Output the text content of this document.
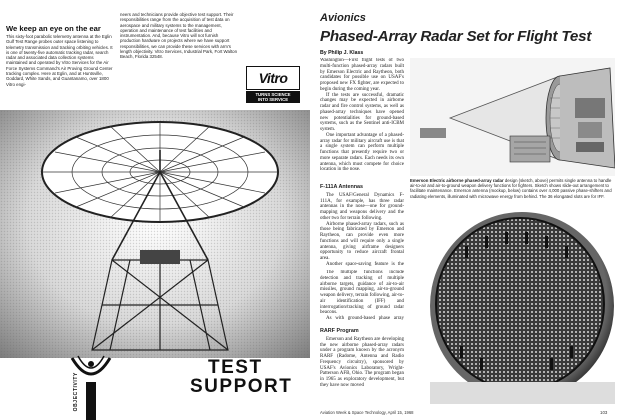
We keep an eye on the ear
This sixty-foot parabolic telemetry antenna at the Eglin Gulf Test Range probes outer space listening to telemetry transmission and tracking orbiting vehicles. It is one of twenty-five automatic tracking radar, search radar and associated data collection systems maintained and operated by Vitro Services for the Air Force Systems Command's Air Proving Ground Center tracking complex. Here at Eglin, and at Huntsville, Goddard, White Sands, and Guantanamo, over 1800 Vitro engi-
neers and technicians provide objective test support. Their responsibilities range from the acquisition of test data on aerospace and military systems to the management, operation and maintenance of test facilities and instrumentation. And, because Vitro will not furnish production hardware on projects where we have support responsibilities, we can provide these services with arm's length objectivity. Vitro Services, Industrial Park, Fort Walton Beach, Florida 32548.
Vitro
TURNS SCIENCE
INTO SERVICE
OBJECTIVITY
TEST
SUPPORT
Avionics
Phased-Array Radar Set for Flight Test
By Philip J. Klass

Washington—First flight tests of two multi-function phased-array radars built by Emerson Electric and Raytheon, both candidates for possible use on USAF's proposed new FX fighter, are expected to begin during the coming year.

If the tests are successful, dramatic changes may be expected in airborne radar and fire control systems, as well as phased-array techniques have opened new potentialities for ground-based systems, such as the Sentinel anti-ICBM system.

One important advantage of a phased-array radar for military aircraft use is that a single system can perform multiple functions that presently require two or more separate radars. Each needs its own antenna, which must compete for choice location in the nose.

F-111A Antennas

The USAF/General Dynamics F-111A, for example, has three radar antennas in the nose—one for ground-mapping and weapons delivery and the other two for terrain following.

Airborne phased-array radars, such as those being fabricated by Emerson and Raytheon, can provide even more functions and will require only a single antenna, giving airframe designers opportunity to reduce aircraft frontal area.

Another space-saving feature is the

The multiple functions include detection and tracking of multiple airborne targets, guidance of air-to-air missiles, ground mapping, air-to-ground weapon delivery, terrain following, air-to-air identification (IFF) and interrogation/tracking of ground radar beacons.

As with ground-based phase array

RARF Program

Emerson and Raytheon are developing the new airborne phased-array radars under a program known by the acronym RARF (Radome, Antenna and Radio Frequency circuitry), sponsored by USAF's Avionics Laboratory, Wright-Patterson AFB, Ohio. The program began in 1965 as exploratory development, but they have now moved

Emerson Electric airborne phased-array radar design (sketch, above) permits single antenna to handle air-to-air and air-to-ground weapon delivery functions for fighters. Sketch shows slide-out arrangement to facilitate maintenance. Emerson antenna (mockup, below) contains over 4,000 passive phase-shifters and radiating elements, illuminated with microwave energy from behind. The 36 elongated slots are for IFF.
Aviation Week & Space Technology, April 15, 1968	103
